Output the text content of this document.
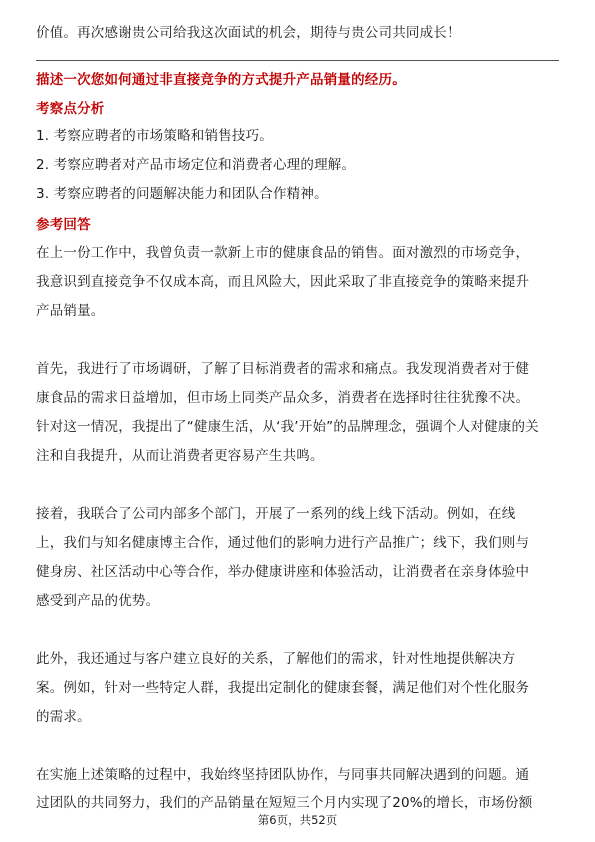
价值。再次感谢贵公司给我这次面试的机会，期待与贵公司共同成长！
描述一次您如何通过非直接竞争的方式提升产品销量的经历。
考察点分析
1. 考察应聘者的市场策略和销售技巧。
2. 考察应聘者对产品市场定位和消费者心理的理解。
3. 考察应聘者的问题解决能力和团队合作精神。
参考回答
在上一份工作中，我曾负责一款新上市的健康食品的销售。面对激烈的市场竞争，
我意识到直接竞争不仅成本高，而且风险大，因此采取了非直接竞争的策略来提升
产品销量。
首先，我进行了市场调研，了解了目标消费者的需求和痛点。我发现消费者对于健
康食品的需求日益增加，但市场上同类产品众多，消费者在选择时往往犹豫不决。
针对这一情况，我提出了“健康生活，从‘我’开始”的品牌理念，强调个人对健康的关
注和自我提升，从而让消费者更容易产生共鸣。
接着，我联合了公司内部多个部门，开展了一系列的线上线下活动。例如，在线
上，我们与知名健康博主合作，通过他们的影响力进行产品推广；线下，我们则与
健身房、社区活动中心等合作，举办健康讲座和体验活动，让消费者在亲身体验中
感受到产品的优势。
此外，我还通过与客户建立良好的关系，了解他们的需求，针对性地提供解决方
案。例如，针对一些特定人群，我提出定制化的健康套餐，满足他们对个性化服务
的需求。
在实施上述策略的过程中，我始终坚持团队协作，与同事共同解决遇到的问题。通
过团队的共同努力，我们的产品销量在短短三个月内实现了20%的增长，市场份额
第6页，共52页
